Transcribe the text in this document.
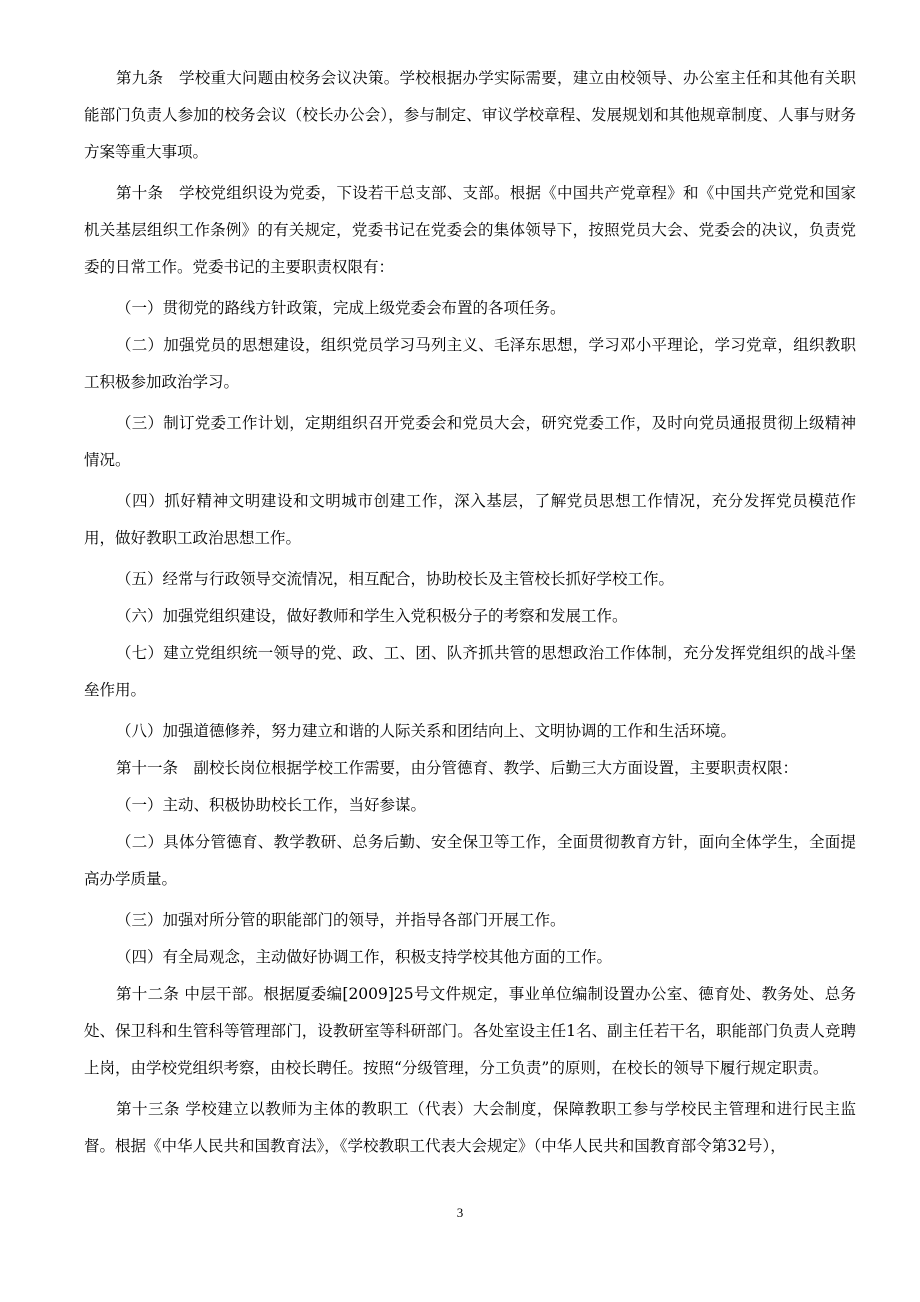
第九条　学校重大问题由校务会议决策。学校根据办学实际需要，建立由校领导、办公室主任和其他有关职能部门负责人参加的校务会议（校长办公会），参与制定、审议学校章程、发展规划和其他规章制度、人事与财务方案等重大事项。

第十条　学校党组织设为党委，下设若干总支部、支部。根据《中国共产党章程》和《中国共产党党和国家机关基层组织工作条例》的有关规定，党委书记在党委会的集体领导下，按照党员大会、党委会的决议，负责党委的日常工作。党委书记的主要职责权限有：

（一）贯彻党的路线方针政策，完成上级党委会布置的各项任务。

（二）加强党员的思想建设，组织党员学习马列主义、毛泽东思想，学习邓小平理论，学习党章，组织教职工积极参加政治学习。

（三）制订党委工作计划，定期组织召开党委会和党员大会，研究党委工作，及时向党员通报贯彻上级精神情况。

（四）抓好精神文明建设和文明城市创建工作，深入基层，了解党员思想工作情况，充分发挥党员模范作用，做好教职工政治思想工作。

（五）经常与行政领导交流情况，相互配合，协助校长及主管校长抓好学校工作。

（六）加强党组织建设，做好教师和学生入党积极分子的考察和发展工作。

（七）建立党组织统一领导的党、政、工、团、队齐抓共管的思想政治工作体制，充分发挥党组织的战斗堡垒作用。

（八）加强道德修养，努力建立和谐的人际关系和团结向上、文明协调的工作和生活环境。

第十一条　副校长岗位根据学校工作需要，由分管德育、教学、后勤三大方面设置，主要职责权限：

（一）主动、积极协助校长工作，当好参谋。

（二）具体分管德育、教学教研、总务后勤、安全保卫等工作，全面贯彻教育方针，面向全体学生，全面提高办学质量。

（三）加强对所分管的职能部门的领导，并指导各部门开展工作。

（四）有全局观念，主动做好协调工作，积极支持学校其他方面的工作。

第十二条 中层干部。根据厦委编[2009]25号文件规定，事业单位编制设置办公室、德育处、教务处、总务处、保卫科和生管科等管理部门，设教研室等科研部门。各处室设主任1名、副主任若干名，职能部门负责人竞聘上岗，由学校党组织考察，由校长聘任。按照“分级管理，分工负责”的原则，在校长的领导下履行规定职责。

第十三条 学校建立以教师为主体的教职工（代表）大会制度，保障教职工参与学校民主管理和进行民主监督。根据《中华人民共和国教育法》，《学校教职工代表大会规定》（中华人民共和国教育部令第32号），

3
